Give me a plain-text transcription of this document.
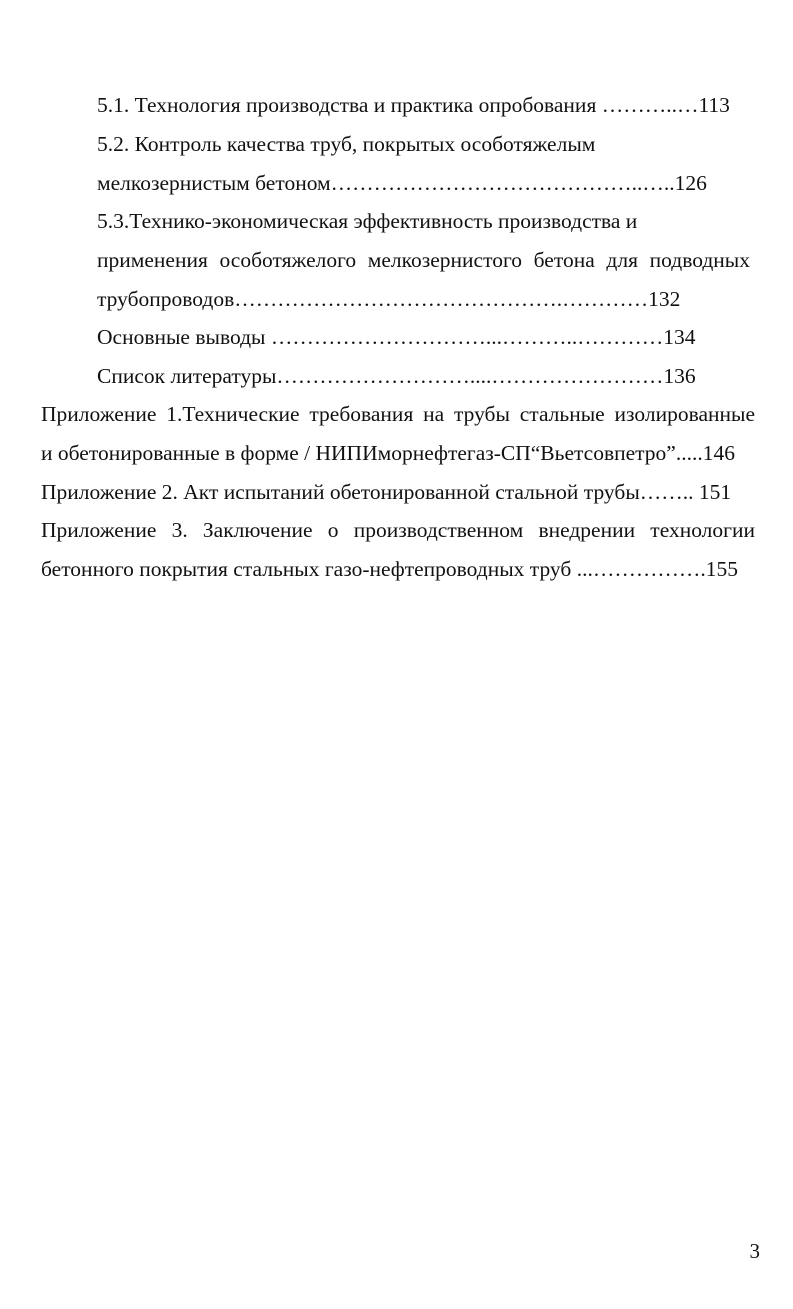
5.1. Технология производства и практика опробования ………..…113
5.2. Контроль качества труб, покрытых особотяжелым
мелкозернистым бетоном……………………………………..…..126
5.3.Технико-экономическая эффективность производства и
применения особотяжелого мелкозернистого бетона для подводных
трубопроводов……………………………………….…………132
Основные выводы …………………………...………..…………134
Список литературы………………………....……………………136
Приложение 1.Технические требования на трубы стальные изолированные
и обетонированные в форме / НИПИморнефтегаз-СП“Вьетсовпетро”.....146
Приложение 2. Акт испытаний обетонированной стальной трубы…….. 151
Приложение 3. Заключение о производственном внедрении технологии
бетонного покрытия стальных газо-нефтепроводных труб ...…………….155
3
